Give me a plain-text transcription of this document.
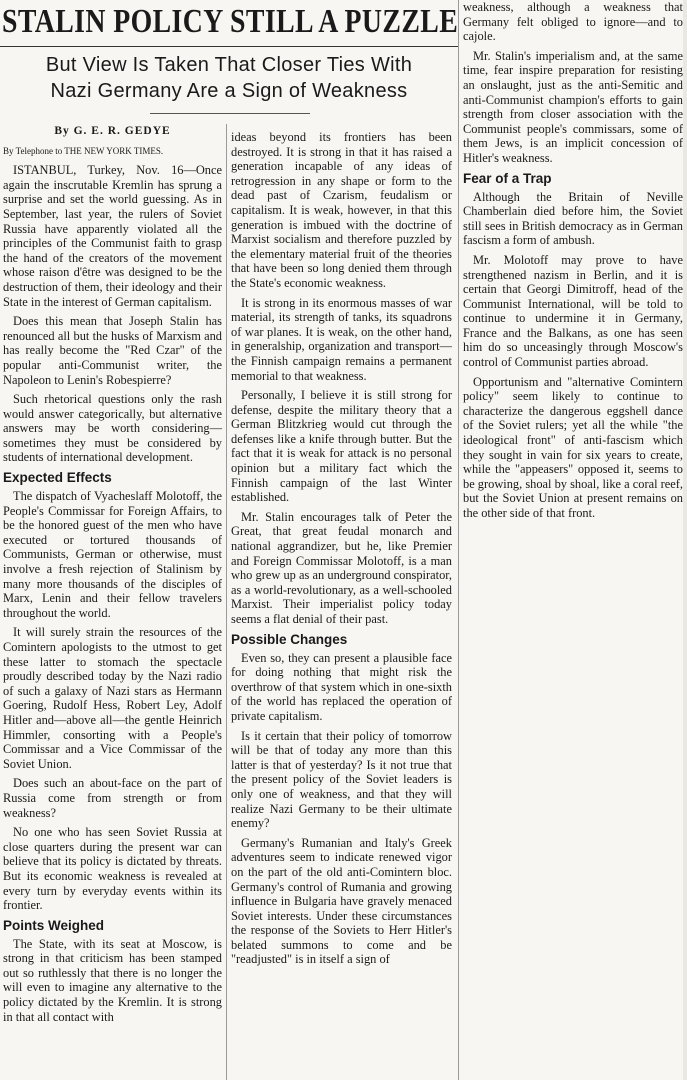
STALIN POLICY STILL A PUZZLE
But View Is Taken That Closer Ties With
Nazi Germany Are a Sign of Weakness

By G. E. R. GEDYE

By Telephone to THE NEW YORK TIMES.

ISTANBUL, Turkey, Nov. 16—Once again the inscrutable Kremlin has sprung a surprise and set the world guessing. As in September, last year, the rulers of Soviet Russia have apparently violated all the principles of the Communist faith to grasp the hand of the creators of the movement whose raison d'être was designed to be the destruction of them, their ideology and their State in the interest of German capitalism.

Does this mean that Joseph Stalin has renounced all but the husks of Marxism and has really become the "Red Czar" of the popular anti-Communist writer, the Napoleon to Lenin's Robespierre?

Such rhetorical questions only the rash would answer categorically, but alternative answers may be worth considering—sometimes they must be considered by students of international development.

Expected Effects

The dispatch of Vyacheslaff Molotoff, the People's Commissar for Foreign Affairs, to be the honored guest of the men who have executed or tortured thousands of Communists, German or otherwise, must involve a fresh rejection of Stalinism by many more thousands of the disciples of Marx, Lenin and their fellow travelers throughout the world.

It will surely strain the resources of the Comintern apologists to the utmost to get these latter to stomach the spectacle proudly described today by the Nazi radio of such a galaxy of Nazi stars as Hermann Goering, Rudolf Hess, Robert Ley, Adolf Hitler and—above all—the gentle Heinrich Himmler, consorting with a People's Commissar and a Vice Commissar of the Soviet Union.

Does such an about-face on the part of Russia come from strength or from weakness?

No one who has seen Soviet Russia at close quarters during the present war can believe that its policy is dictated by threats. But its economic weakness is revealed at every turn by everyday events within its frontier.

Points Weighed

The State, with its seat at Moscow, is strong in that criticism has been stamped out so ruthlessly that there is no longer the will even to imagine any alternative to the policy dictated by the Kremlin. It is strong in that all contact with

ideas beyond its frontiers has been destroyed. It is strong in that it has raised a generation incapable of any ideas of retrogression in any shape or form to the dead past of Czarism, feudalism or capitalism. It is weak, however, in that this generation is imbued with the doctrine of Marxist socialism and therefore puzzled by the elementary material fruit of the theories that have been so long denied them through the State's economic weakness.

It is strong in its enormous masses of war material, its strength of tanks, its squadrons of war planes. It is weak, on the other hand, in generalship, organization and transport—the Finnish campaign remains a permanent memorial to that weakness.

Personally, I believe it is still strong for defense, despite the military theory that a German Blitzkrieg would cut through the defenses like a knife through butter. But the fact that it is weak for attack is no personal opinion but a military fact which the Finnish campaign of the last Winter established.

Mr. Stalin encourages talk of Peter the Great, that great feudal monarch and national aggrandizer, but he, like Premier and Foreign Commissar Molotoff, is a man who grew up as an underground conspirator, as a world-revolutionary, as a well-schooled Marxist. Their imperialist policy today seems a flat denial of their past.

Possible Changes

Even so, they can present a plausible face for doing nothing that might risk the overthrow of that system which in one-sixth of the world has replaced the operation of private capitalism.

Is it certain that their policy of tomorrow will be that of today any more than this latter is that of yesterday? Is it not true that the present policy of the Soviet leaders is only one of weakness, and that they will realize Nazi Germany to be their ultimate enemy?

Germany's Rumanian and Italy's Greek adventures seem to indicate renewed vigor on the part of the old anti-Comintern bloc. Germany's control of Rumania and growing influence in Bulgaria have gravely menaced Soviet interests. Under these circumstances the response of the Soviets to Herr Hitler's belated summons to come and be "readjusted" is in itself a sign of

weakness, although a weakness that Germany felt obliged to ignore—and to cajole.

Mr. Stalin's imperialism and, at the same time, fear inspire preparation for resisting an onslaught, just as the anti-Semitic and anti-Communist champion's efforts to gain strength from closer association with the Communist people's commissars, some of them Jews, is an implicit concession of Hitler's weakness.

Fear of a Trap

Although the Britain of Neville Chamberlain died before him, the Soviet still sees in British democracy as in German fascism a form of ambush.

Mr. Molotoff may prove to have strengthened nazism in Berlin, and it is certain that Georgi Dimitroff, head of the Communist International, will be told to continue to undermine it in Germany, France and the Balkans, as one has seen him do so unceasingly through Moscow's control of Communist parties abroad.

Opportunism and "alternative Comintern policy" seem likely to continue to characterize the dangerous eggshell dance of the Soviet rulers; yet all the while "the ideological front" of anti-fascism which they sought in vain for six years to create, while the "appeasers" opposed it, seems to be growing, shoal by shoal, like a coral reef, but the Soviet Union at present remains on the other side of that front.
